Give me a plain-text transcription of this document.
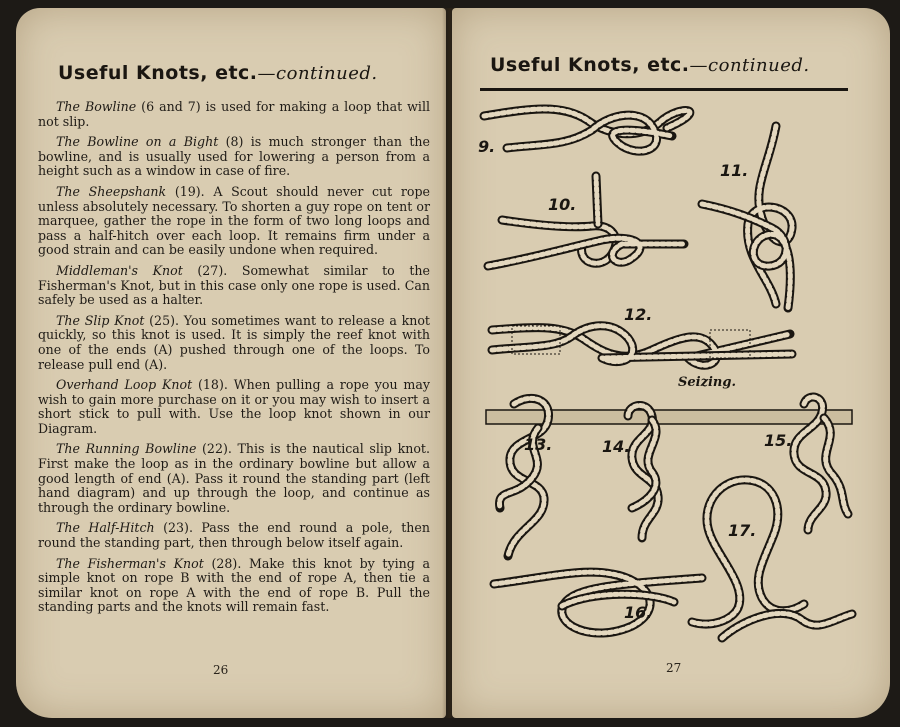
Useful Knots, etc.—continued.

The Bowline (6 and 7) is used for making a loop that will not slip.

The Bowline on a Bight (8) is much stronger than the bowline, and is usually used for lowering a person from a height such as a window in case of fire.

The Sheepshank (19). A Scout should never cut rope unless absolutely necessary. To shorten a guy rope on tent or marquee, gather the rope in the form of two long loops and pass a half-hitch over each loop. It remains firm under a good strain and can be easily undone when required.

Middleman's Knot (27). Somewhat similar to the Fisherman's Knot, but in this case only one rope is used. Can safely be used as a halter.

The Slip Knot (25). You sometimes want to release a knot quickly, so this knot is used. It is simply the reef knot with one of the ends (A) pushed through one of the loops. To release pull end (A).

Overhand Loop Knot (18). When pulling a rope you may wish to gain more purchase on it or you may wish to insert a short stick to pull with. Use the loop knot shown in our Diagram.

The Running Bowline (22). This is the nautical slip knot. First make the loop as in the ordinary bowline but allow a good length of end (A). Pass it round the standing part (left hand diagram) and up through the loop, and continue as through the ordinary bowline.

The Half-Hitch (23). Pass the end round a pole, then round the standing part, then through below itself again.

The Fisherman's Knot (28). Make this knot by tying a simple knot on rope B with the end of rope A, then tie a similar knot on rope A with the end of rope B. Pull the standing parts and the knots will remain fast.

26
Useful Knots, etc.—continued.
9.
10.
11.
12.
Seizing.
13.	14.	15.
16.
17.
27
